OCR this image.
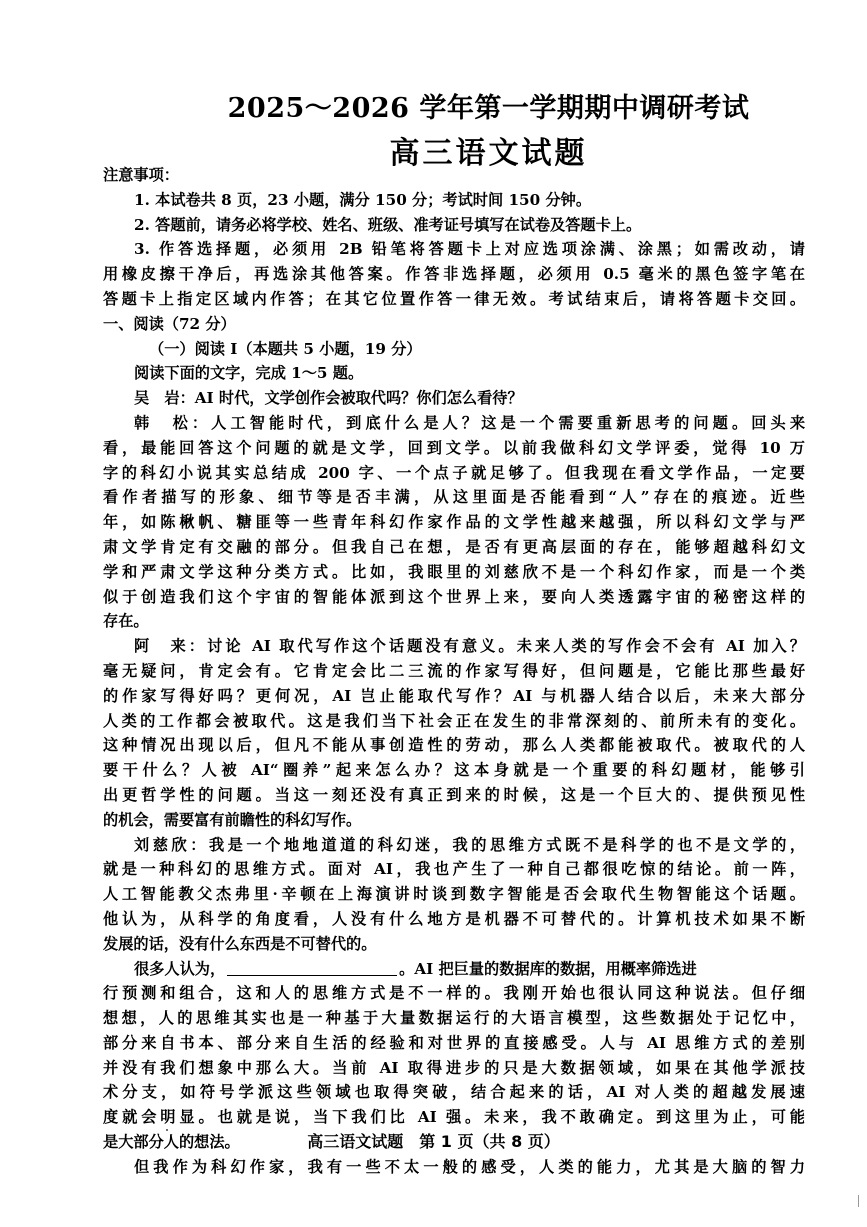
2025～2026 学年第一学期期中调研考试
高三语文试题
注意事项：
1. 本试卷共 8 页，23 小题，满分 150 分；考试时间 150 分钟。
2. 答题前，请务必将学校、姓名、班级、准考证号填写在试卷及答题卡上。
3. 作答选择题，必须用 2B 铅笔将答题卡上对应选项涂满、涂黑；如需改动，请
用橡皮擦干净后，再选涂其他答案。作答非选择题，必须用 0.5 毫米的黑色签字笔在
答题卡上指定区域内作答；在其它位置作答一律无效。考试结束后，请将答题卡交回。
一、阅读（72 分）
（一）阅读 Ⅰ（本题共 5 小题，19 分）
阅读下面的文字，完成 1～5 题。
吴　岩：AI 时代，文学创作会被取代吗？你们怎么看待？
韩　松：人工智能时代，到底什么是人？这是一个需要重新思考的问题。回头来
看，最能回答这个问题的就是文学，回到文学。以前我做科幻文学评委，觉得 10 万
字的科幻小说其实总结成 200 字、一个点子就足够了。但我现在看文学作品，一定要
看作者描写的形象、细节等是否丰满，从这里面是否能看到“人”存在的痕迹。近些
年，如陈楸帆、糖匪等一些青年科幻作家作品的文学性越来越强，所以科幻文学与严
肃文学肯定有交融的部分。但我自己在想，是否有更高层面的存在，能够超越科幻文
学和严肃文学这种分类方式。比如，我眼里的刘慈欣不是一个科幻作家，而是一个类
似于创造我们这个宇宙的智能体派到这个世界上来，要向人类透露宇宙的秘密这样的
存在。
阿　来：讨论 AI 取代写作这个话题没有意义。未来人类的写作会不会有 AI 加入？
毫无疑问，肯定会有。它肯定会比二三流的作家写得好，但问题是，它能比那些最好
的作家写得好吗？更何况，AI 岂止能取代写作？AI 与机器人结合以后，未来大部分
人类的工作都会被取代。这是我们当下社会正在发生的非常深刻的、前所未有的变化。
这种情况出现以后，但凡不能从事创造性的劳动，那么人类都能被取代。被取代的人
要干什么？人被 AI“圈养”起来怎么办？这本身就是一个重要的科幻题材，能够引
出更哲学性的问题。当这一刻还没有真正到来的时候，这是一个巨大的、提供预见性
的机会，需要富有前瞻性的科幻写作。
刘慈欣：我是一个地地道道的科幻迷，我的思维方式既不是科学的也不是文学的，
就是一种科幻的思维方式。面对 AI，我也产生了一种自己都很吃惊的结论。前一阵，
人工智能教父杰弗里·辛顿在上海演讲时谈到数字智能是否会取代生物智能这个话题。
他认为，从科学的角度看，人没有什么地方是机器不可替代的。计算机技术如果不断
发展的话，没有什么东西是不可替代的。
很多人认为，	。AI 把巨量的数据库的数据，用概率筛选进
行预测和组合，这和人的思维方式是不一样的。我刚开始也很认同这种说法。但仔细
想想，人的思维其实也是一种基于大量数据运行的大语言模型，这些数据处于记忆中，
部分来自书本、部分来自生活的经验和对世界的直接感受。人与 AI 思维方式的差别
并没有我们想象中那么大。当前 AI 取得进步的只是大数据领域，如果在其他学派技
术分支，如符号学派这些领域也取得突破，结合起来的话，AI 对人类的超越发展速
度就会明显。也就是说，当下我们比 AI 强。未来，我不敢确定。到这里为止，可能
是大部分人的想法。
但我作为科幻作家，我有一些不太一般的感受，人类的能力，尤其是大脑的智力
高三语文试题　第 1 页（共 8 页）
